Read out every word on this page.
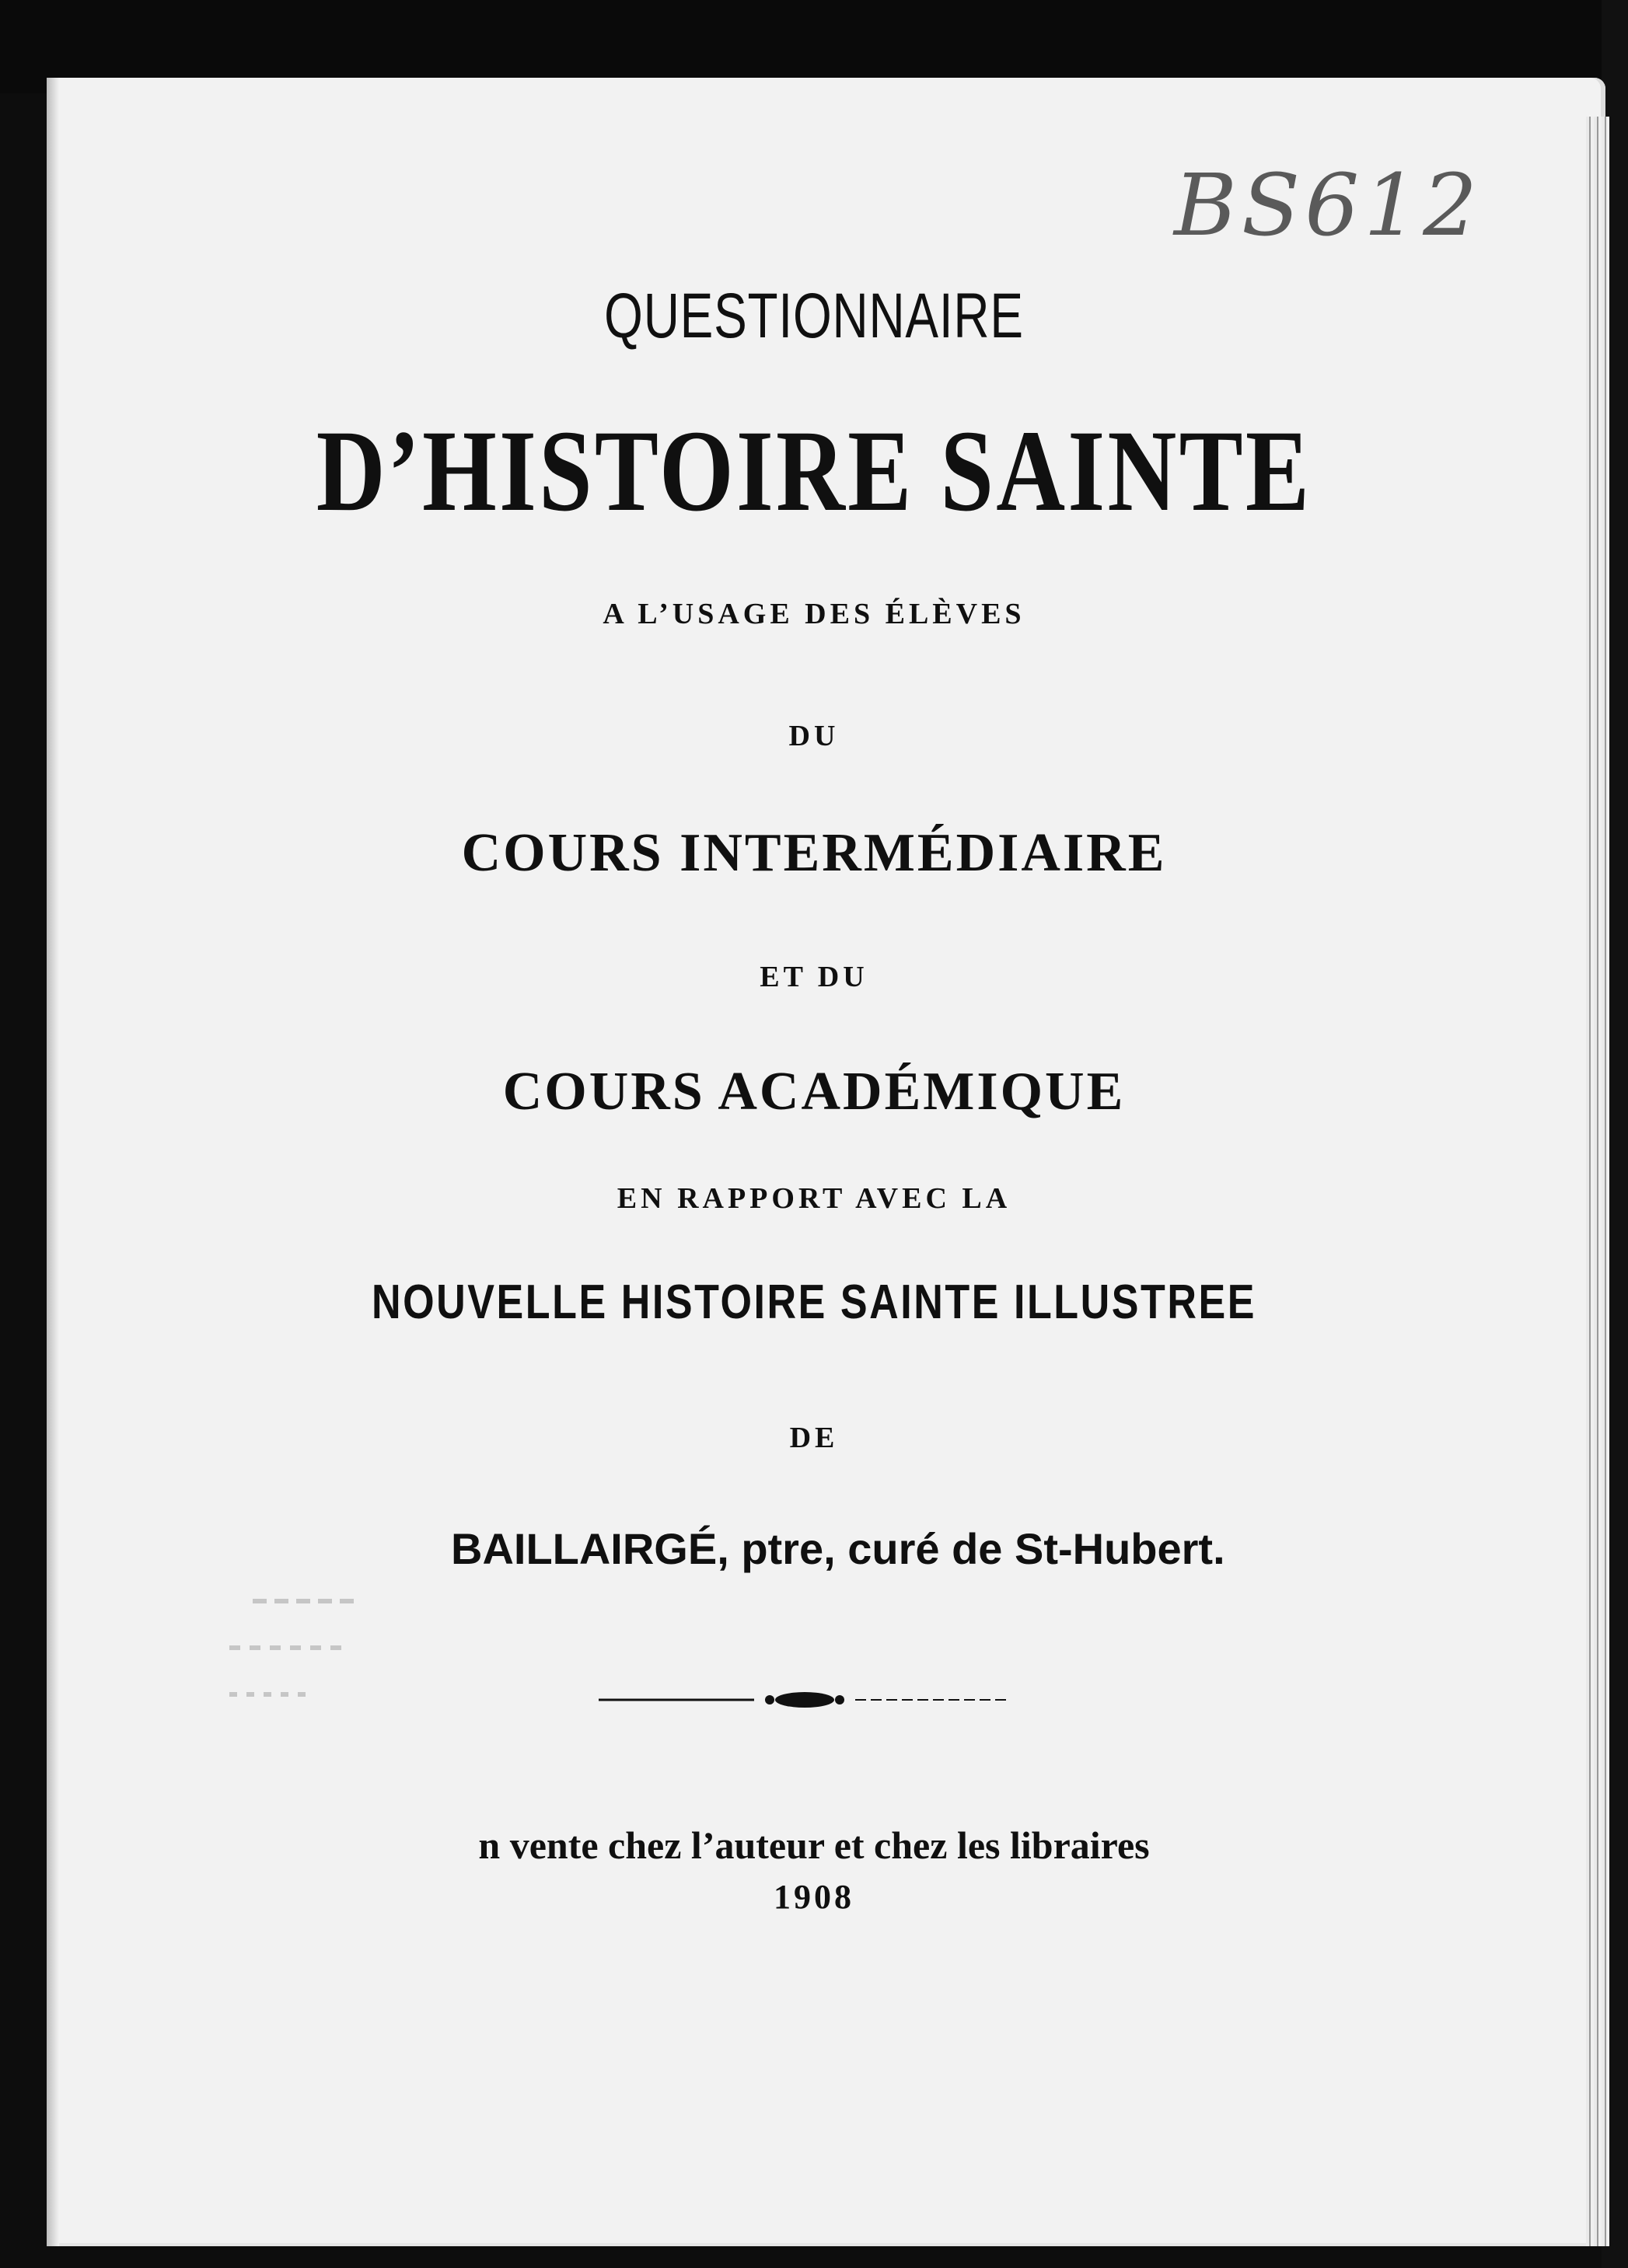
BS612
QUESTIONNAIRE
D’HISTOIRE SAINTE
A L’USAGE DES ÉLÈVES
DU
COURS INTERMÉDIAIRE
ET DU
COURS ACADÉMIQUE
EN RAPPORT AVEC LA
NOUVELLE HISTOIRE SAINTE ILLUSTREE
DE
BAILLAIRGÉ, ptre, curé de St-Hubert.
n vente chez l’auteur et chez les libraires
1908
